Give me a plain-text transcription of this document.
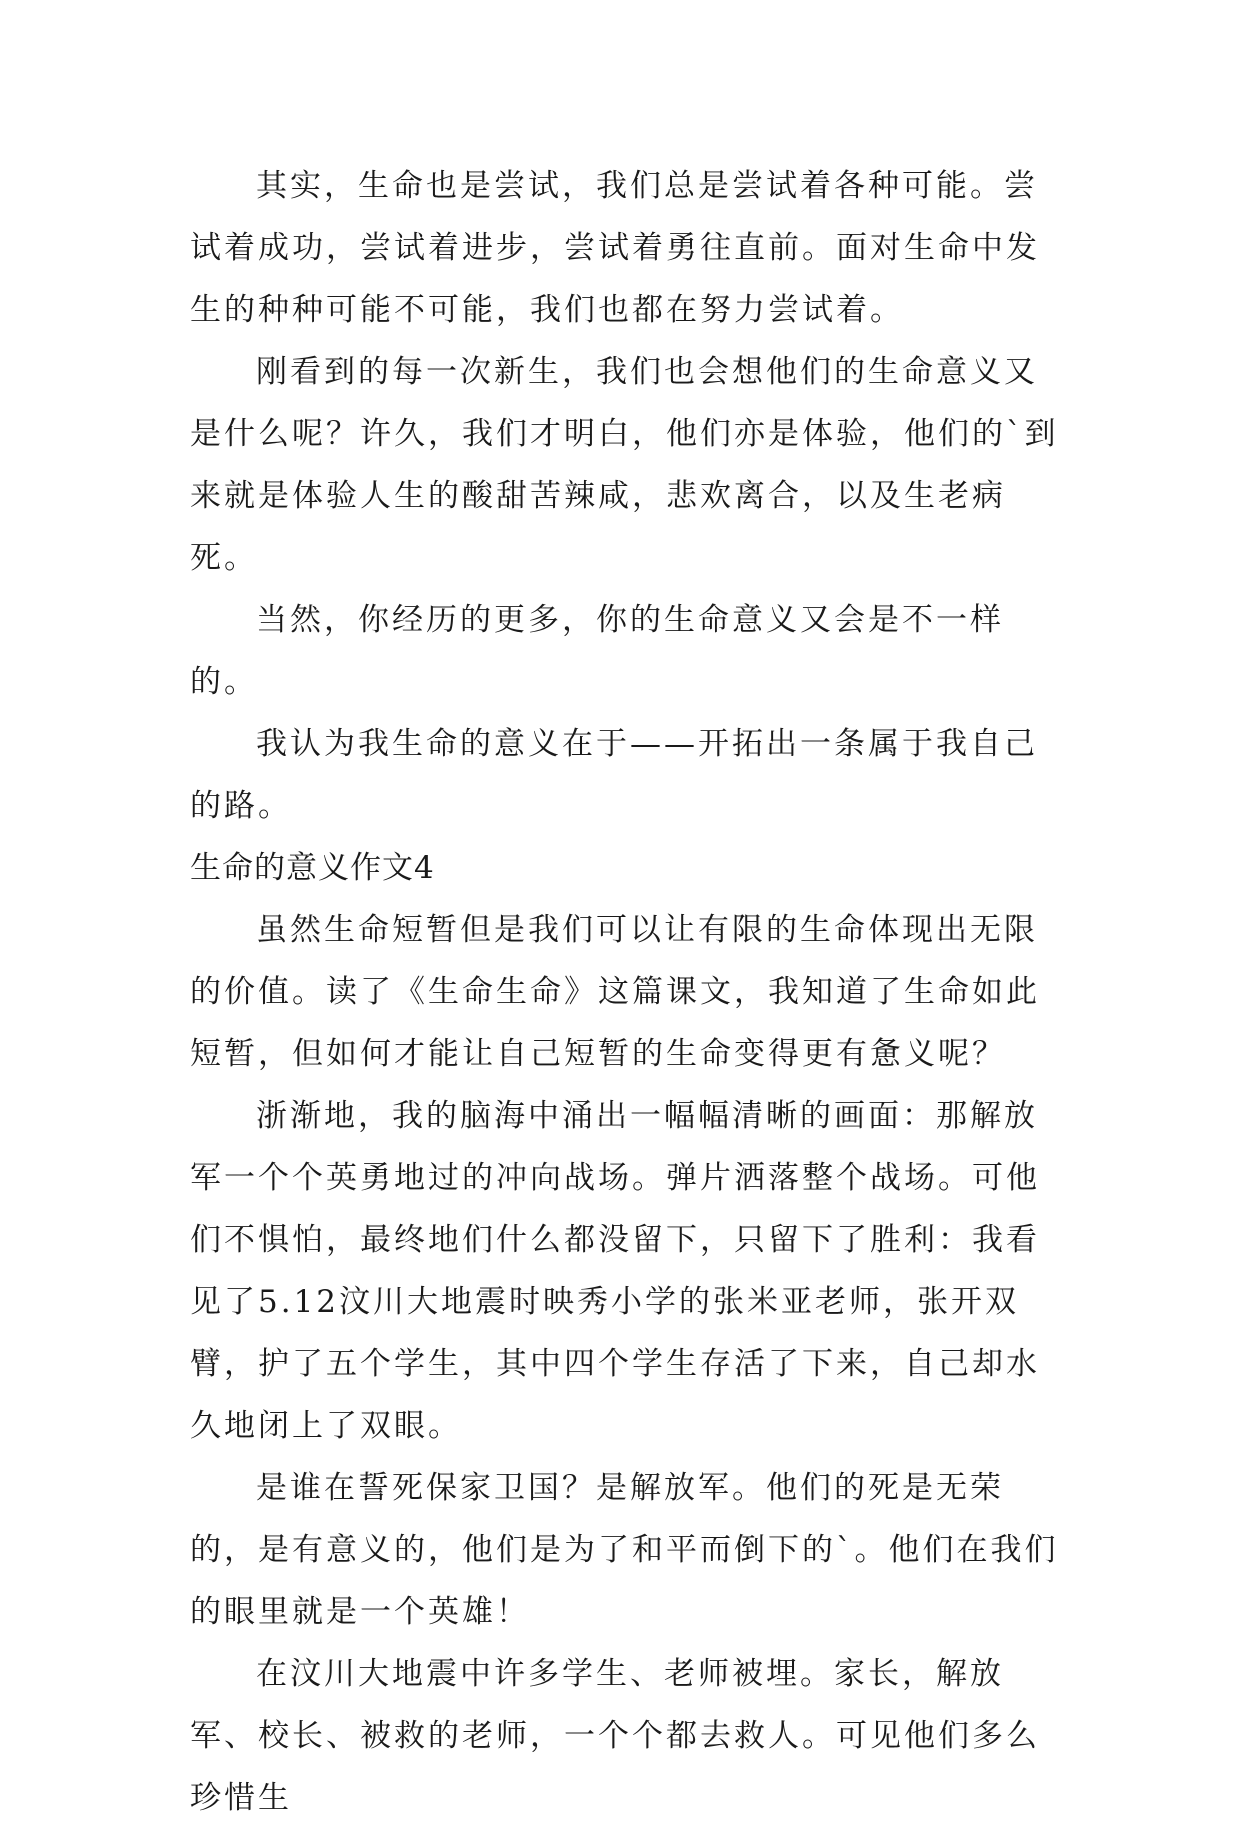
其实，生命也是尝试，我们总是尝试着各种可能。尝试着成功，尝试着进步，尝试着勇往直前。面对生命中发生的种种可能不可能，我们也都在努力尝试着。

刚看到的每一次新生，我们也会想他们的生命意义又是什么呢？许久，我们才明白，他们亦是体验，他们的`到来就是体验人生的酸甜苦辣咸，悲欢离合，以及生老病死。

当然，你经历的更多，你的生命意义又会是不一样的。

我认为我生命的意义在于——开拓出一条属于我自己的路。

生命的意义作文4

虽然生命短暂但是我们可以让有限的生命体现出无限的价值。读了《生命生命》这篇课文，我知道了生命如此短暂，但如何才能让自己短暂的生命变得更有惫义呢？

浙渐地，我的脑海中涌出一幅幅清晰的画面：那解放军一个个英勇地过的冲向战场。弹片洒落整个战场。可他们不惧怕，最终地们什么都没留下，只留下了胜利：我看见了5.12汶川大地震时映秀小学的张米亚老师，张开双臂，护了五个学生，其中四个学生存活了下来，自己却水久地闭上了双眼。

是谁在誓死保家卫国？是解放军。他们的死是无荣的，是有意义的，他们是为了和平而倒下的`。他们在我们的眼里就是一个英雄！

在汶川大地震中许多学生、老师被埋。家长，解放军、校长、被救的老师，一个个都去救人。可见他们多么珍惜生
